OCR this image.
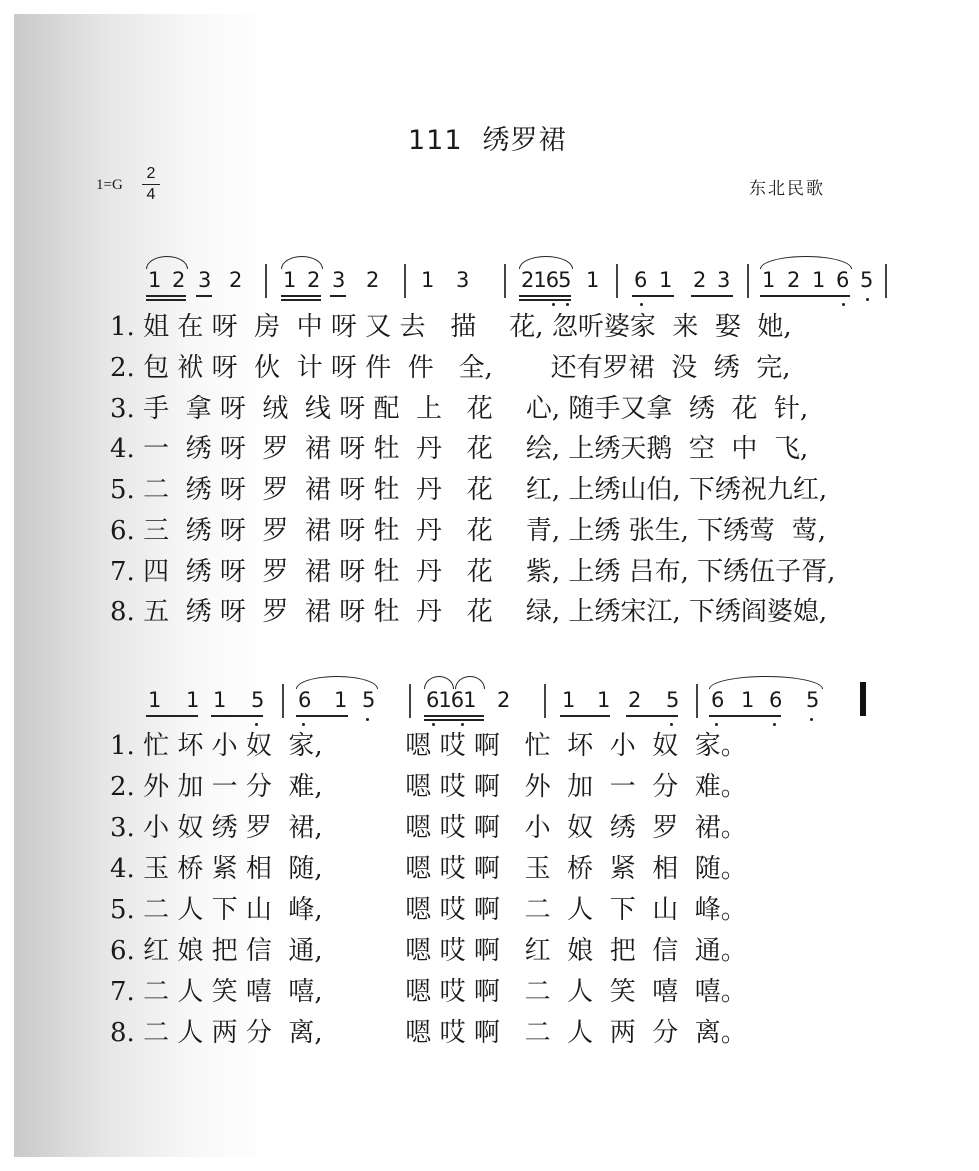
111 绣罗裙
1=G
2
4	东北民歌
1 2 3 2 1 2 3 2 1 3 2165 1 6 1 2 3 1 2 1 6 5
1. 姐 在 呀  房  中 呀 又 去   描    花, 忽听婆家  来  娶  她,
2. 包 袱 呀  伙  计 呀 件  件   全,       还有罗裙  没  绣  完,
3. 手  拿 呀  绒  线 呀 配  上   花    心, 随手又拿  绣  花  针,
4. 一  绣 呀  罗  裙 呀 牡  丹   花    绘, 上绣天鹅  空  中  飞,
5. 二  绣 呀  罗  裙 呀 牡  丹   花    红, 上绣山伯, 下绣祝九红,
6. 三  绣 呀  罗  裙 呀 牡  丹   花    青, 上绣 张生, 下绣莺  莺,
7. 四  绣 呀  罗  裙 呀 牡  丹   花    紫, 上绣 吕布, 下绣伍子胥,
8. 五  绣 呀  罗  裙 呀 牡  丹   花    绿, 上绣宋江, 下绣阎婆媳,
1 1 1 5 6 1 5 6161 2 1 1 2 5 6 1 6 5
1. 忙 坏 小 奴  家,          嗯 哎 啊   忙  坏  小  奴  家。
2. 外 加 一 分  难,          嗯 哎 啊   外  加  一  分  难。
3. 小 奴 绣 罗  裙,          嗯 哎 啊   小  奴  绣  罗  裙。
4. 玉 桥 紧 相  随,          嗯 哎 啊   玉  桥  紧  相  随。
5. 二 人 下 山  峰,          嗯 哎 啊   二  人  下  山  峰。
6. 红 娘 把 信  通,          嗯 哎 啊   红  娘  把  信  通。
7. 二 人 笑 嘻  嘻,          嗯 哎 啊   二  人  笑  嘻  嘻。
8. 二 人 两 分  离,          嗯 哎 啊   二  人  两  分  离。
